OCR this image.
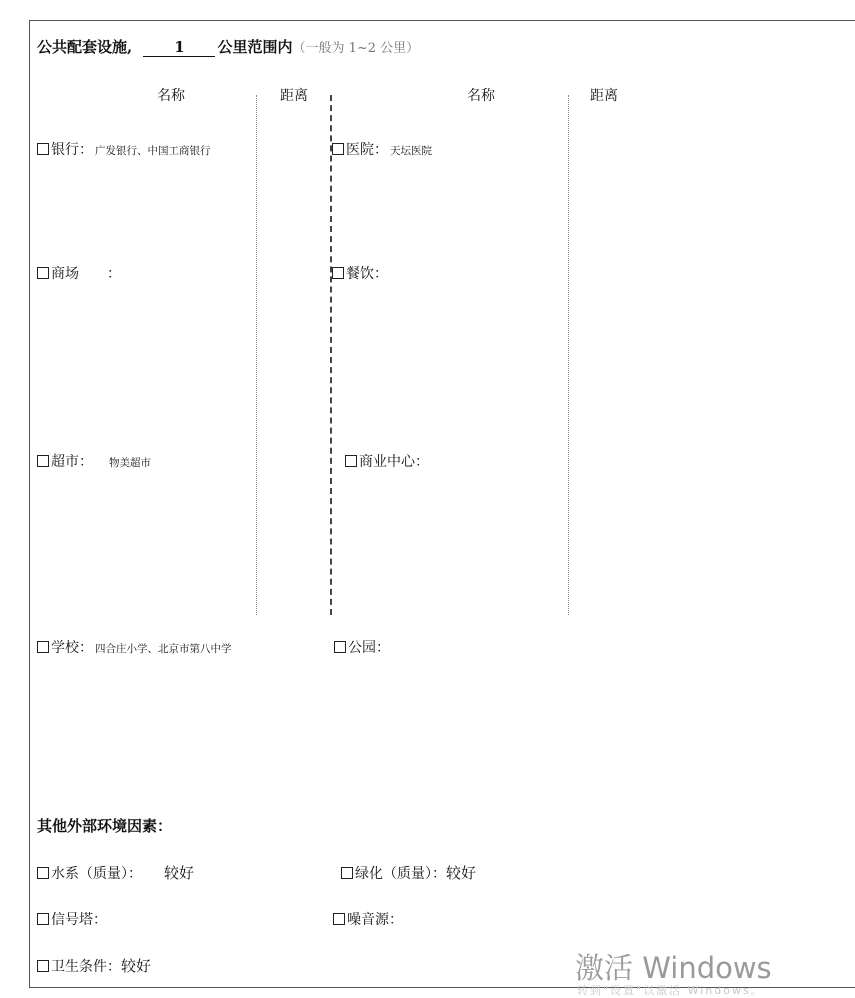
公共配套设施,	1 公里范围内（一般为 1~2 公里）
名称	距离	名称	距离
银行： 广发银行、中国工商银行	医院： 天坛医院
商场　　：	餐饮：
超市： 物美超市	商业中心：
学校： 四合庄小学、北京市第八中学	公园：
其他外部环境因素：
水系（质量）： 较好	绿化（质量）：较好
信号塔：	噪音源：
卫生条件：较好	激活 Windows
转到"设置"以激活 Windows。
